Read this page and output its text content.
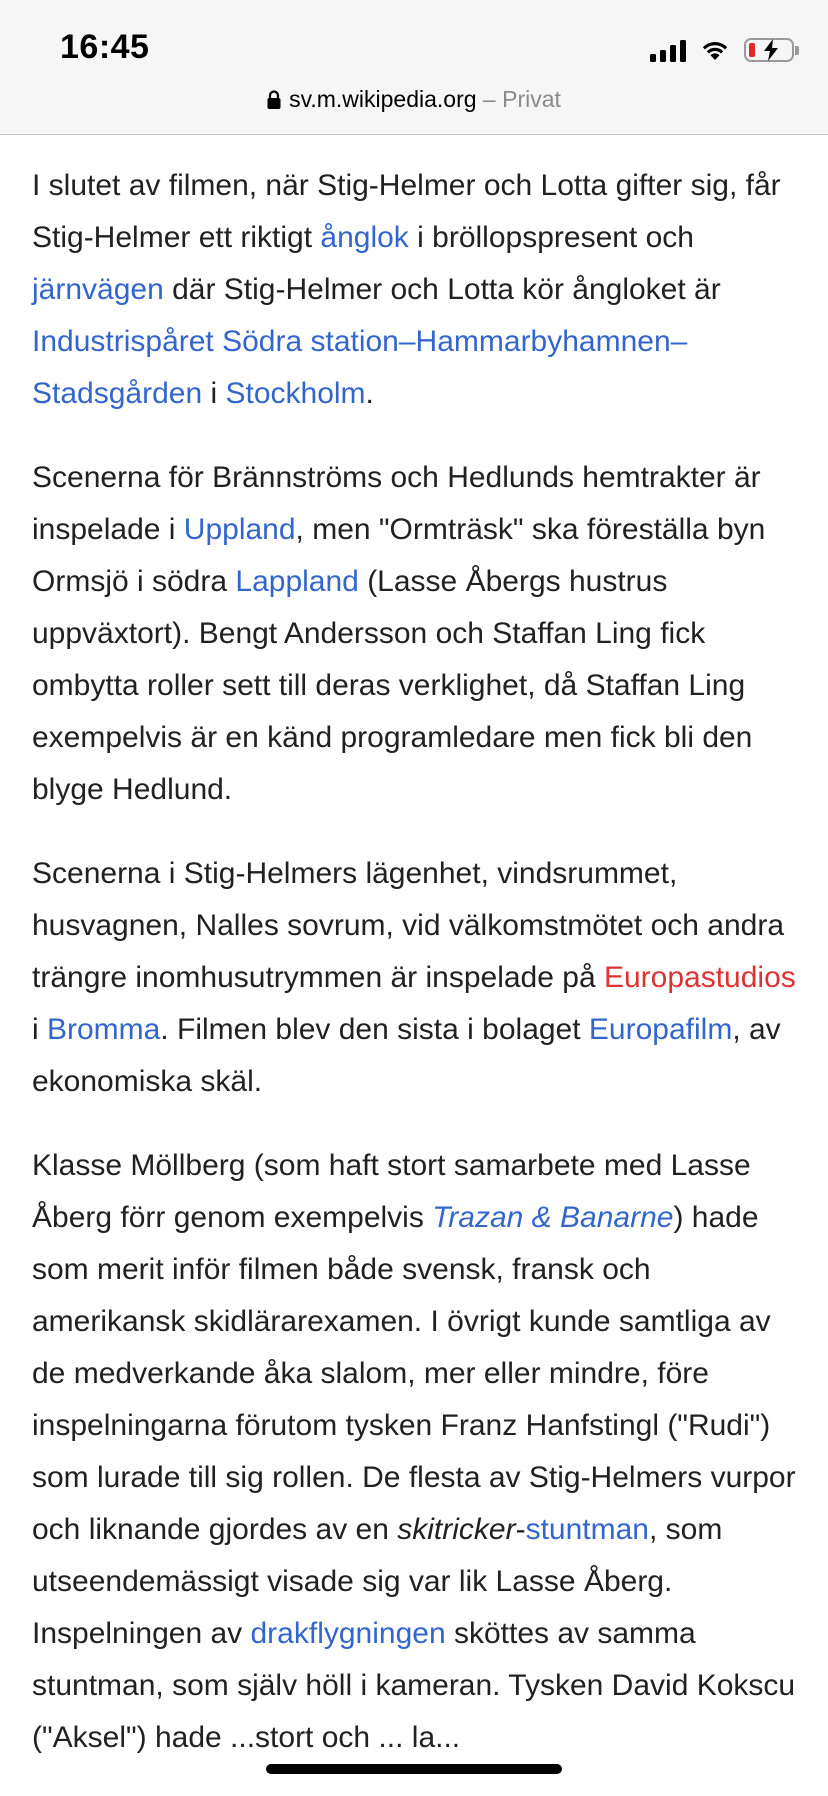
16:45
sv.m.wikipedia.org – Privat

I slutet av filmen, när Stig-Helmer och Lotta gifter sig, får Stig-Helmer ett riktigt ånglok i bröllopspresent och järnvägen där Stig-Helmer och Lotta kör ångloket är Industrispåret Södra station–Hammarbyhamnen–Stadsgården i Stockholm.

Scenerna för Brännströms och Hedlunds hemtrakter är inspelade i Uppland, men "Ormträsk" ska föreställa byn Ormsjö i södra Lappland (Lasse Åbergs hustrus uppväxtort). Bengt Andersson och Staffan Ling fick ombytta roller sett till deras verklighet, då Staffan Ling exempelvis är en känd programledare men fick bli den blyge Hedlund.

Scenerna i Stig-Helmers lägenhet, vindsrummet, husvagnen, Nalles sovrum, vid välkomstmötet och andra trängre inomhusutrymmen är inspelade på Europastudios i Bromma. Filmen blev den sista i bolaget Europafilm, av ekonomiska skäl.

Klasse Möllberg (som haft stort samarbete med Lasse Åberg förr genom exempelvis Trazan & Banarne) hade som merit inför filmen både svensk, fransk och amerikansk skidlärarexamen. I övrigt kunde samtliga av de medverkande åka slalom, mer eller mindre, före inspelningarna förutom tysken Franz Hanfstingl ("Rudi") som lurade till sig rollen. De flesta av Stig-Helmers vurpor och liknande gjordes av en skitricker-stuntman, som utseendemässigt visade sig var lik Lasse Åberg. Inspelningen av drakflygningen sköttes av samma stuntman, som själv höll i kameran. Tysken David Kokscu ("Aksel") hade ...stort och ... la...
